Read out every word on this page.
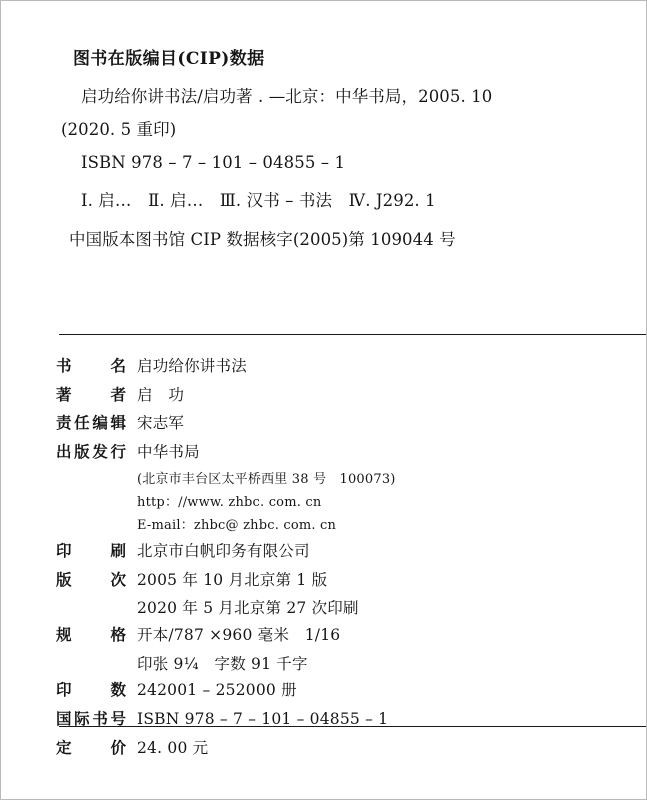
图书在版编目(CIP)数据
启功给你讲书法/启功著 . —北京：中华书局，2005. 10
(2020. 5 重印)
ISBN 978 – 7 – 101 – 04855 – 1
Ⅰ. 启…　Ⅱ. 启…　Ⅲ. 汉书 – 书法　Ⅳ. J292. 1
中国版本图书馆 CIP 数据核字(2005)第 109044 号
书名 启功给你讲书法
著者 启　功
责任编辑 宋志军
出版发行 中华书局
(北京市丰台区太平桥西里 38 号　100073)
http：//www. zhbc. com. cn
E-mail：zhbc@ zhbc. com. cn
印刷 北京市白帆印务有限公司
版次 2005 年 10 月北京第 1 版
2020 年 5 月北京第 27 次印刷
规格 开本/787 ×960 毫米　1/16
印张 9¼　字数 91 千字
印数 242001 – 252000 册
国际书号 ISBN 978 – 7 – 101 – 04855 – 1
定价 24. 00 元
